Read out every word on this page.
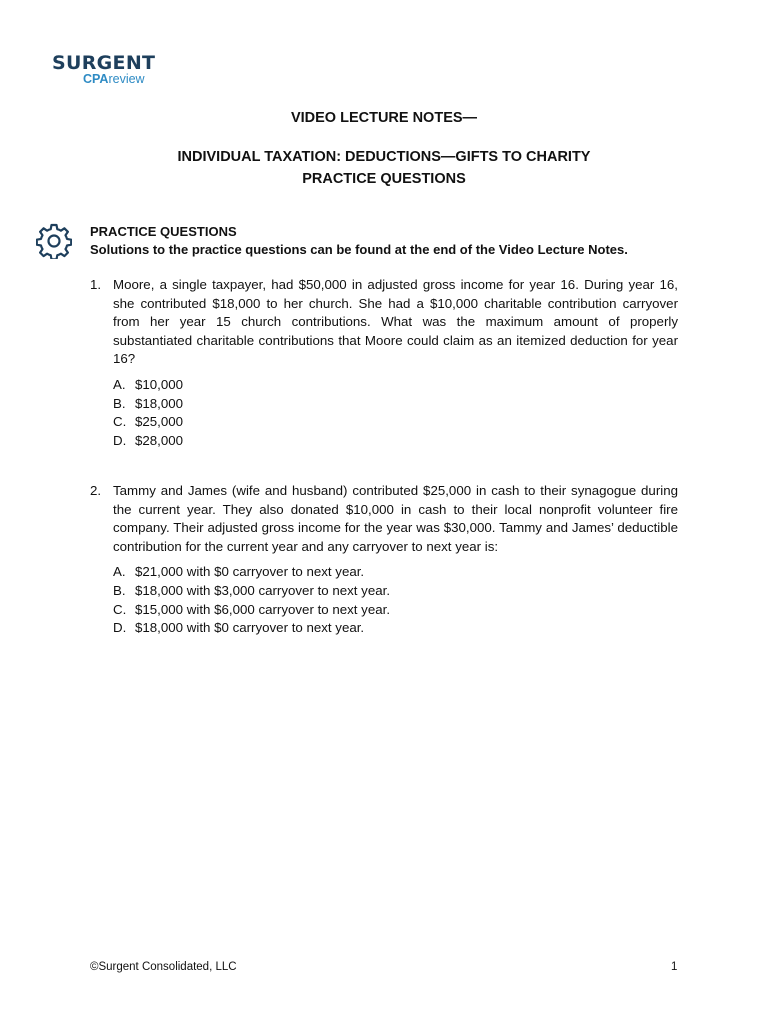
SURGENT
CPAreview
VIDEO LECTURE NOTES—
INDIVIDUAL TAXATION: DEDUCTIONS—GIFTS TO CHARITY
PRACTICE QUESTIONS
PRACTICE QUESTIONS
Solutions to the practice questions can be found at the end of the Video Lecture Notes.
1. Moore, a single taxpayer, had $50,000 in adjusted gross income for year 16. During year 16, she contributed $18,000 to her church. She had a $10,000 charitable contribution carryover from her year 15 church contributions. What was the maximum amount of properly substantiated charitable contributions that Moore could claim as an itemized deduction for year 16?
A. $10,000
B. $18,000
C. $25,000
D. $28,000
2. Tammy and James (wife and husband) contributed $25,000 in cash to their synagogue during the current year. They also donated $10,000 in cash to their local nonprofit volunteer fire company. Their adjusted gross income for the year was $30,000. Tammy and James’ deductible contribution for the current year and any carryover to next year is:
A. $21,000 with $0 carryover to next year.
B. $18,000 with $3,000 carryover to next year.
C. $15,000 with $6,000 carryover to next year.
D. $18,000 with $0 carryover to next year.
©Surgent Consolidated, LLC	1
